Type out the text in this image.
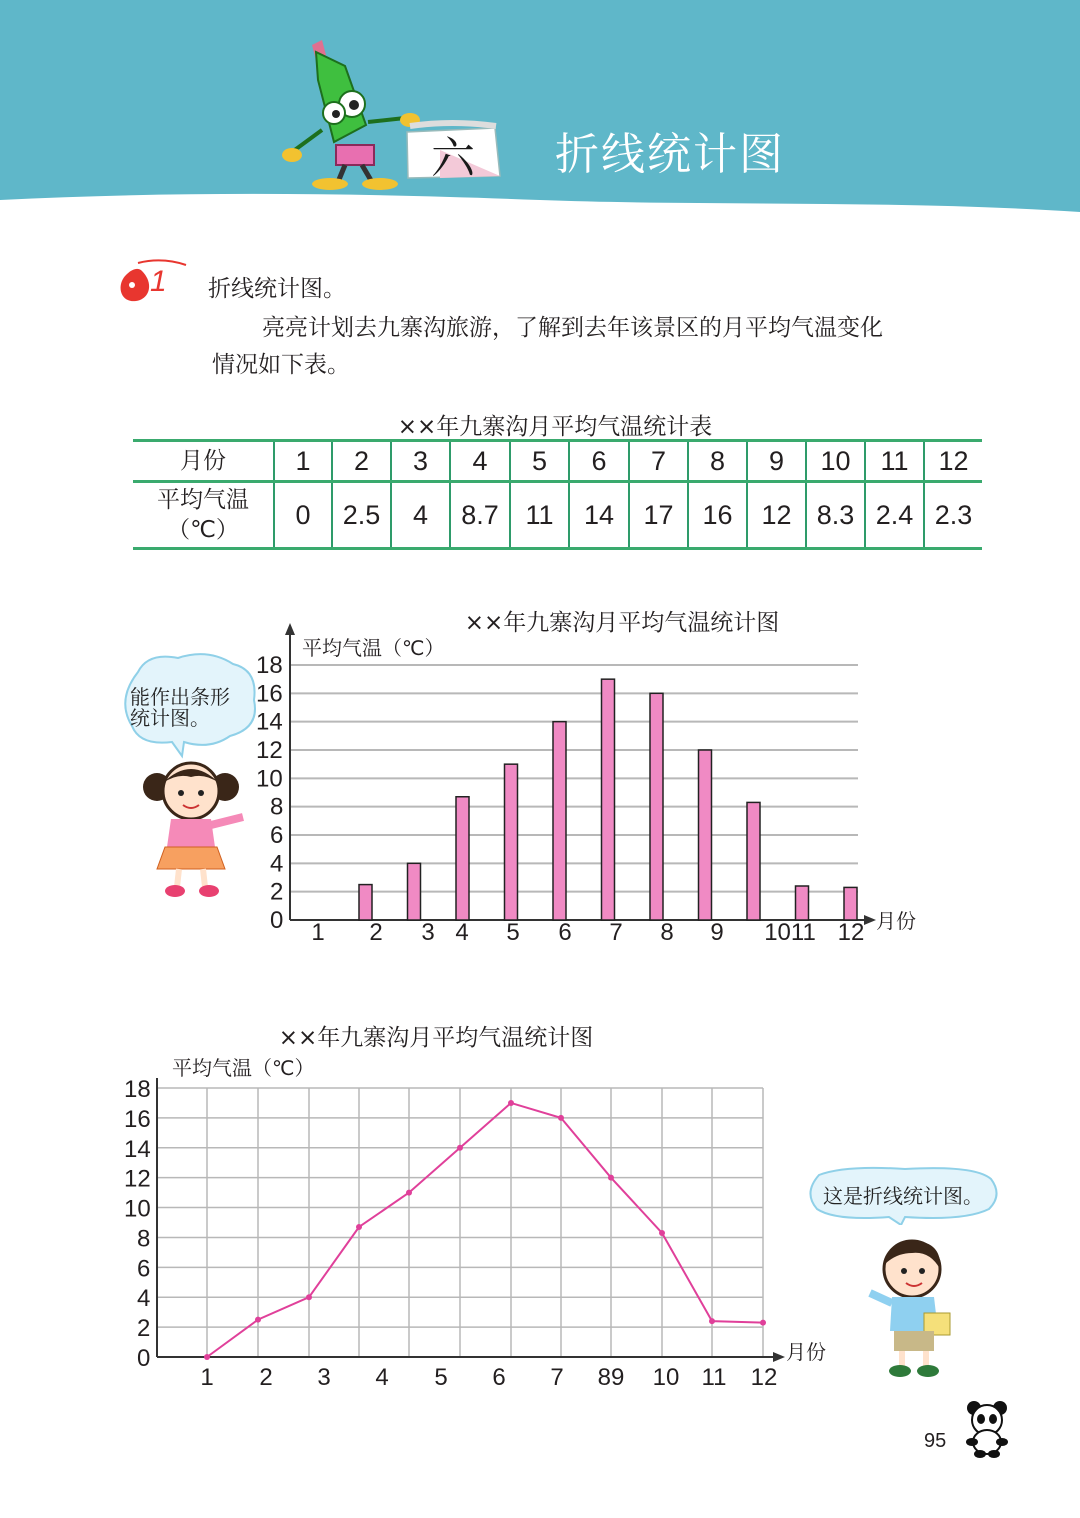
六 折线统计图
1 折线统计图。
亮亮计划去九寨沟旅游，了解到去年该景区的月平均气温变化
情况如下表。
××年九寨沟月平均气温统计表
月份	1	2	3	4	5	6	7	8	9	10	11	12

平均气温
（℃）	0	2.5	4	8.7	11	14	17	16	12	8.3	2.4	2.3
能作出条形
统计图。
××年九寨沟月平均气温统计图
平均气温（℃）
月份
0
2
4
6
8
10
12
14
16
18
1 2 3 4 5 6 7 8 9 1011 12
××年九寨沟月平均气温统计图
平均气温（℃）
月份
0
2
4
6
8
10
12
14
16
18
1 2 3 4 5 6 7 89 10 11 12
这是折线统计图。
95
